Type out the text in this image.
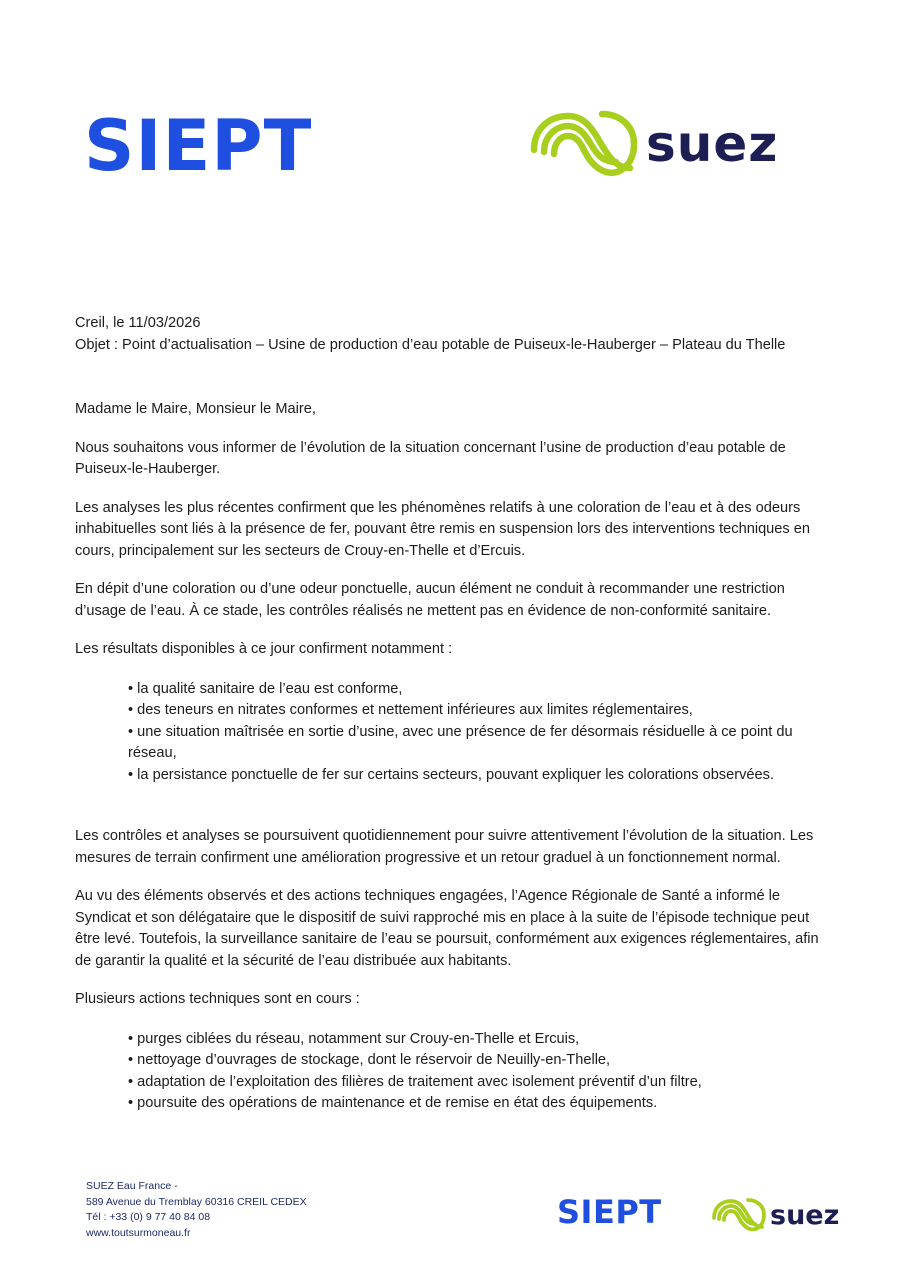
SIEPT	suez

Creil, le 11/03/2026

Objet : Point d’actualisation – Usine de production d’eau potable de Puiseux-le-Hauberger – Plateau du Thelle

Madame le Maire, Monsieur le Maire,

Nous souhaitons vous informer de l’évolution de la situation concernant l’usine de production d’eau potable de Puiseux-le-Hauberger.

Les analyses les plus récentes confirment que les phénomènes relatifs à une coloration de l’eau et à des odeurs inhabituelles sont liés à la présence de fer, pouvant être remis en suspension lors des interventions techniques en cours, principalement sur les secteurs de Crouy-en-Thelle et d’Ercuis.

En dépit d’une coloration ou d’une odeur ponctuelle, aucun élément ne conduit à recommander une restriction d’usage de l’eau. À ce stade, les contrôles réalisés ne mettent pas en évidence de non-conformité sanitaire.

Les résultats disponibles à ce jour confirment notamment :

• la qualité sanitaire de l’eau est conforme,
• des teneurs en nitrates conformes et nettement inférieures aux limites réglementaires,
• une situation maîtrisée en sortie d’usine, avec une présence de fer désormais résiduelle à ce point du réseau,
• la persistance ponctuelle de fer sur certains secteurs, pouvant expliquer les colorations observées.

Les contrôles et analyses se poursuivent quotidiennement pour suivre attentivement l’évolution de la situation. Les mesures de terrain confirment une amélioration progressive et un retour graduel à un fonctionnement normal.

Au vu des éléments observés et des actions techniques engagées, l’Agence Régionale de Santé a informé le Syndicat et son délégataire que le dispositif de suivi rapproché mis en place à la suite de l’épisode technique peut être levé. Toutefois, la surveillance sanitaire de l’eau se poursuit, conformément aux exigences réglementaires, afin de garantir la qualité et la sécurité de l’eau distribuée aux habitants.

Plusieurs actions techniques sont en cours :

• purges ciblées du réseau, notamment sur Crouy-en-Thelle et Ercuis,
• nettoyage d’ouvrages de stockage, dont le réservoir de Neuilly-en-Thelle,
• adaptation de l’exploitation des filières de traitement avec isolement préventif d’un filtre,
• poursuite des opérations de maintenance et de remise en état des équipements.
SUEZ Eau France -
589 Avenue du Tremblay 60316 CREIL CEDEX
Tél : +33 (0) 9 77 40 84 08
www.toutsurmoneau.fr
SIEPT	suez
